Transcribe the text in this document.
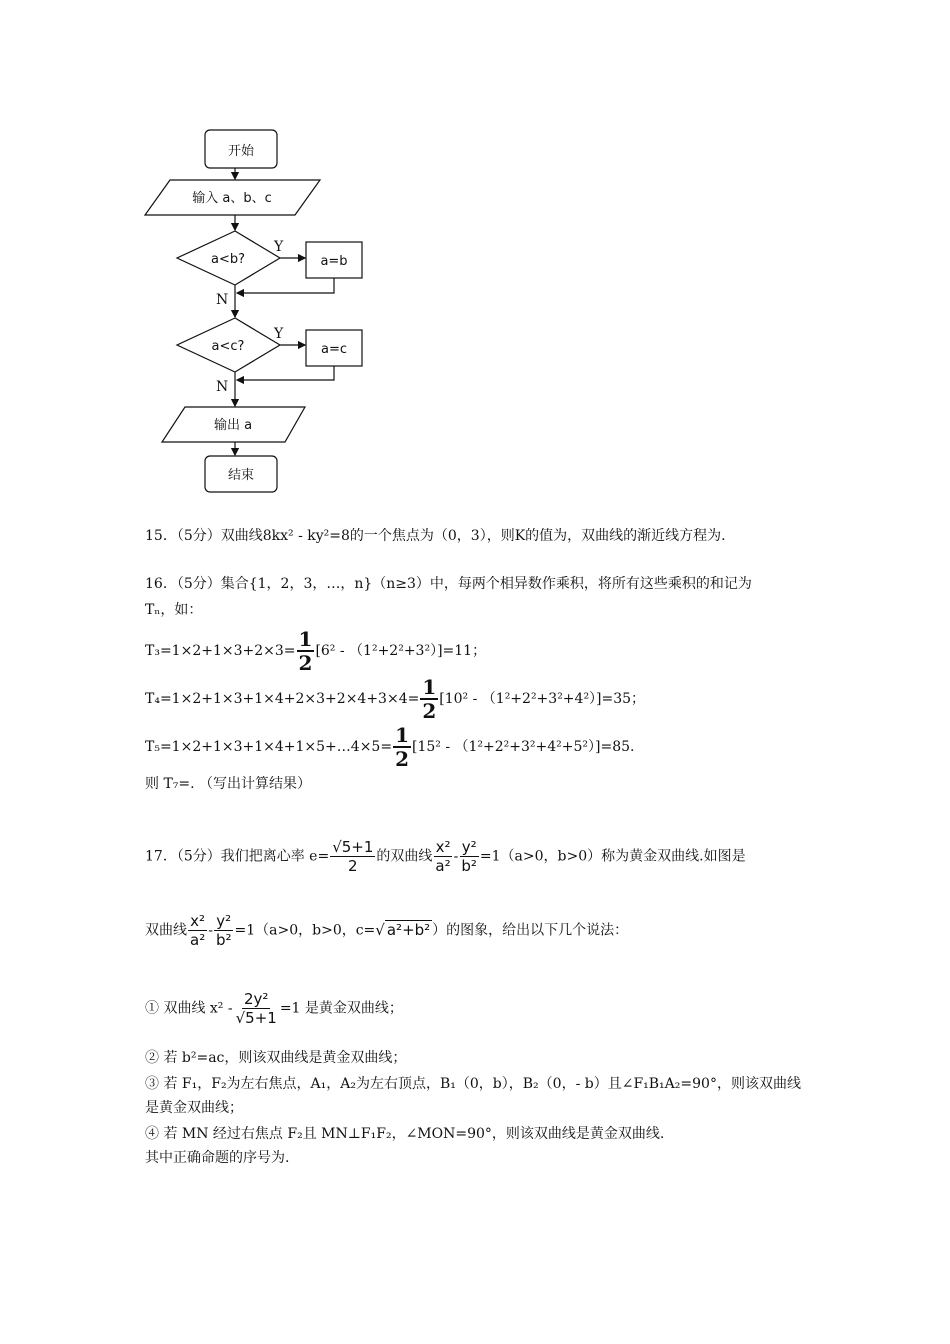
开始
输入 a、b、c
a<b?	a=b
Y
N
a<c?	a=c
Y
N
输出 a
结束
15．（5分）双曲线8kx² - ky²=8的一个焦点为（0，3），则K的值为，双曲线的渐近线方程为.
16．（5分）集合{1，2，3，…，n}（n≥3）中，每两个相异数作乘积，将所有这些乘积的和记为
Tₙ，如：
$T_3=1\times 2+1\times 3+2\times 3= \frac{1}{2} [6^2 - (1^2+2^2+3^2)]=11$；
$T_4=1\times 2+1\times 3+1\times 4+2\times 3+2\times 4+3\times 4= \frac{1}{2} [10^2 - (1^2+2^2+3^2+4^2)]=35$；
T₅=1×2+1×3+1×4+1×5+…4×5= $\frac{1}{2} [15^2 - (1^2+2^2+3^2+4^2+5^2)]=85$.
则 T₇=. （写出计算结果）
17．（5分）我们把离心率 $e= \frac{√5+1}{2}$ 的双曲线 $\frac{\text{x²}}{\text{a²}} - \frac{\text{y²}}{\text{b²}} =1(a>0$，b>0）称为黄金双曲线.如图是
双曲线 $\frac{\text{x²}}{\text{a²}} - \frac{\text{y²}}{\text{b²}} =1(a>0$，b>0，c=√ a²+b² ）的图象，给出以下几个说法：
① 双曲线 $x^2 - \frac{\text{2y²}}{√5+1} =1$ 是黄金双曲线；
② 若 b²=ac，则该双曲线是黄金双曲线；
③ 若 F₁，F₂为左右焦点，A₁，A₂为左右顶点，B₁（0，b），B₂（0，- b）且∠F₁B₁A₂=90°，则该双曲线
是黄金双曲线；
④ 若 MN 经过右焦点 F₂且 MN⊥F₁F₂，∠MON=90°，则该双曲线是黄金双曲线.
其中正确命题的序号为.
